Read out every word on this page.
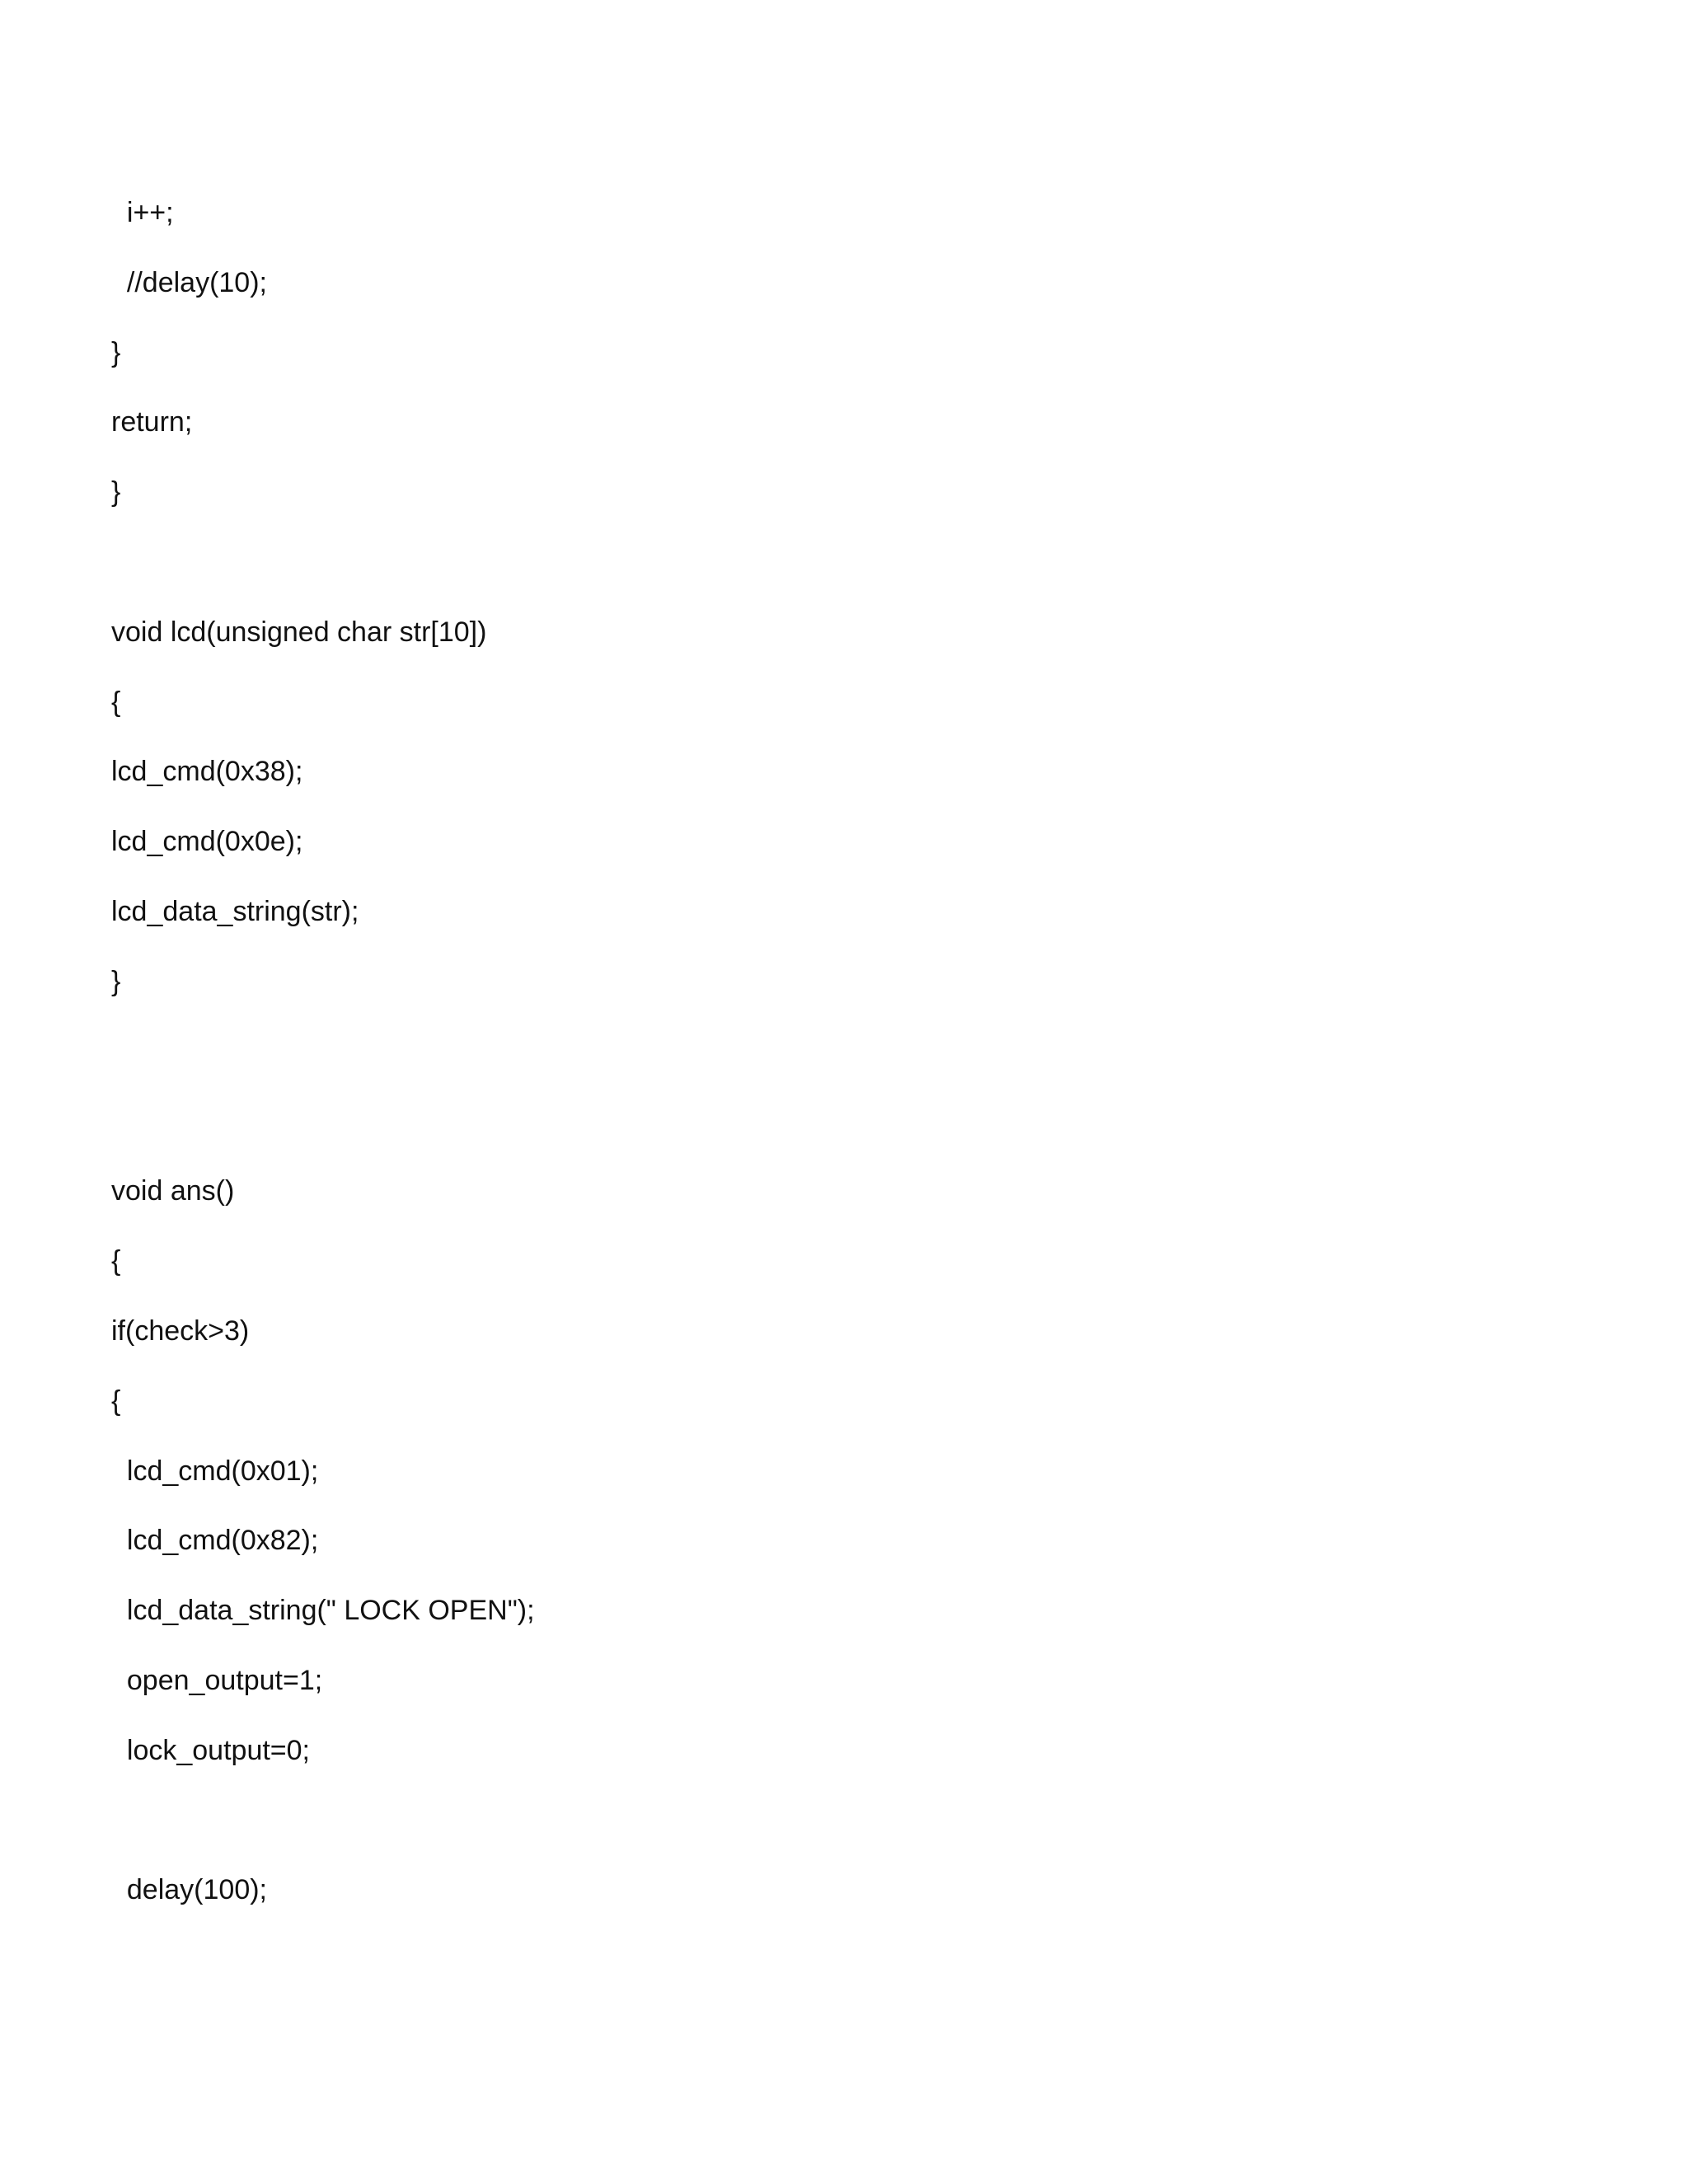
i++;
//delay(10);
}
return;
}
void lcd(unsigned char str[10])
{
lcd_cmd(0x38);
lcd_cmd(0x0e);
lcd_data_string(str);
}
void ans()
{
if(check>3)
{
lcd_cmd(0x01);
lcd_cmd(0x82);
lcd_data_string(" LOCK OPEN");
open_output=1;
lock_output=0;
delay(100);
